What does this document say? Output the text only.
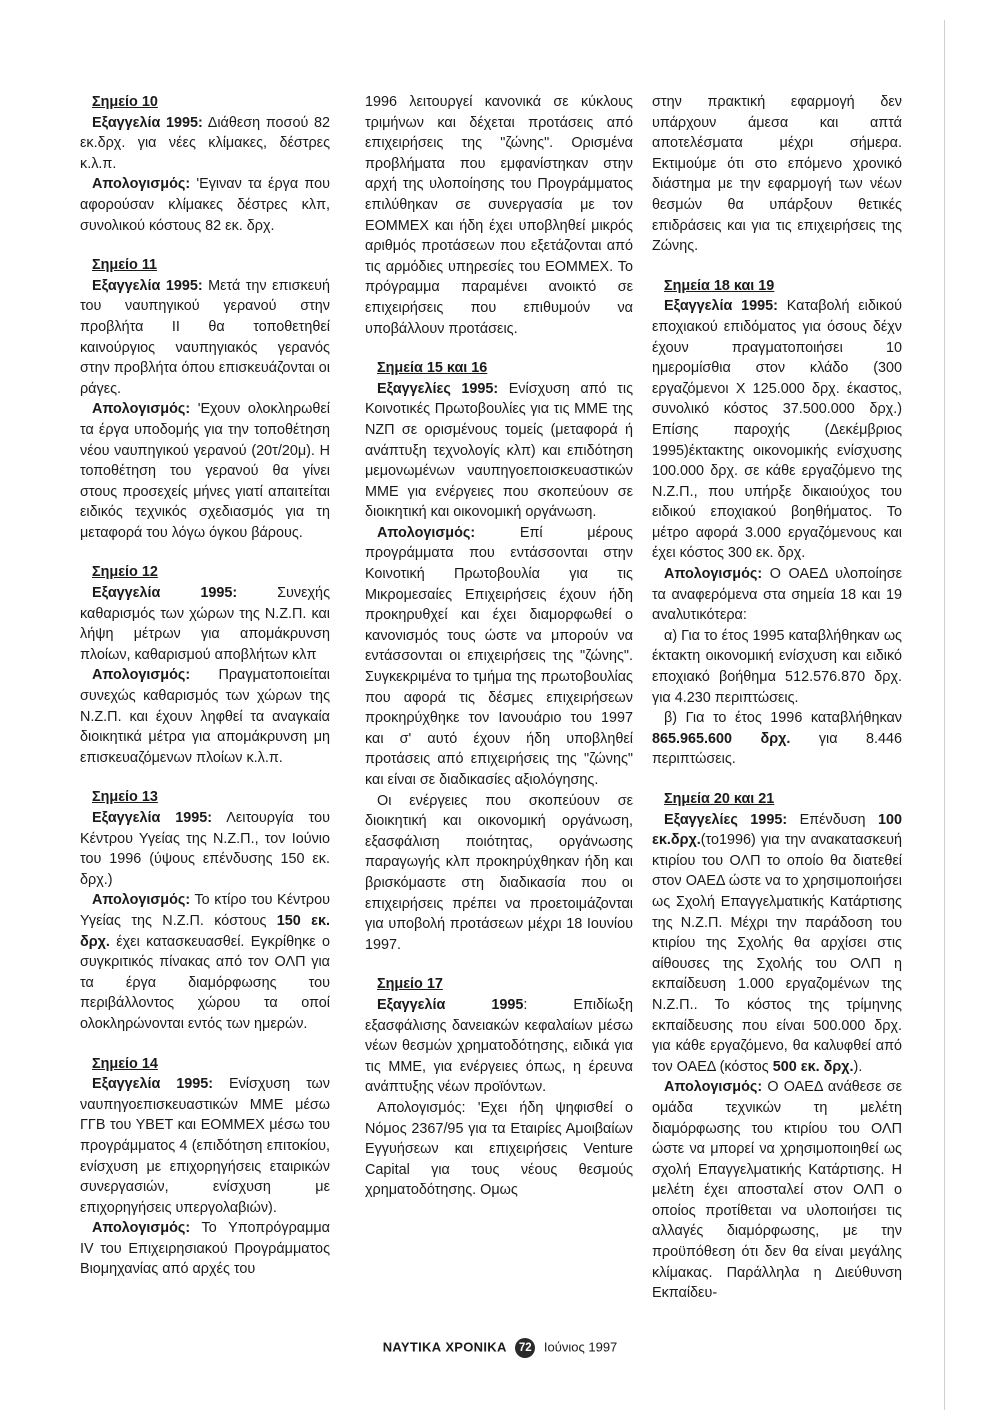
Σημείο 10

Εξαγγελία 1995: Διάθεση ποσού 82 εκ.δρχ. για νέες κλίμακες, δέστρες κ.λ.π.

Απολογισμός: 'Εγιναν τα έργα που αφορούσαν κλίμακες δέστρες κλπ, συνολικού κόστους 82 εκ. δρχ.

Σημείο 11

Εξαγγελία 1995: Μετά την επισκευή του ναυπηγικού γερανού στην προβλήτα ΙΙ θα τοποθετηθεί καινούργιος ναυπηγιακός γερανός στην προβλήτα όπου επισκευάζονται οι ράγες.

Απολογισμός: 'Εχουν ολοκληρωθεί τα έργα υποδομής για την τοποθέτηση νέου ναυπηγικού γερανού (20τ/20μ). Η τοποθέτηση του γερανού θα γίνει στους προσεχείς μήνες γιατί απαιτείται ειδικός τεχνικός σχεδιασμός για τη μεταφορά του λόγω όγκου βάρους.

Σημείο 12

Εξαγγελία 1995: Συνεχής καθαρισμός των χώρων της Ν.Ζ.Π. και λήψη μέτρων για απομάκρυνση πλοίων, καθαρισμού αποβλήτων κλπ

Απολογισμός: Πραγματοποιείται συνεχώς καθαρισμός των χώρων της Ν.Ζ.Π. και έχουν ληφθεί τα αναγκαία διοικητικά μέτρα για απομάκρυνση μη επισκευαζόμενων πλοίων κ.λ.π.

Σημείο 13

Εξαγγελία 1995: Λειτουργία του Κέντρου Υγείας της Ν.Ζ.Π., τον Ιούνιο του 1996 (ύψους επένδυσης 150 εκ. δρχ.)

Απολογισμός: Το κτίρο του Κέντρου Υγείας της Ν.Ζ.Π. κόστους 150 εκ. δρχ. έχει κατασκευασθεί. Εγκρίθηκε ο συγκριτικός πίνακας από τον ΟΛΠ για τα έργα διαμόρφωσης του περιβάλλοντος χώρου τα οποί ολοκληρώνονται εντός των ημερών.

Σημείο 14

Εξαγγελία 1995: Ενίσχυση των ναυπηγοεπισκευαστικών ΜΜΕ μέσω ΓΓΒ του ΥΒΕΤ και ΕΟΜΜΕΧ μέσω του προγράμματος 4 (επιδότηση επιτοκίου, ενίσχυση με επιχορηγήσεις εταιρικών συνεργασιών, ενίσχυση με επιχορηγήσεις υπεργολαβιών).

Απολογισμός: Το Υποπρόγραμμα IV του Επιχειρησιακού Προγράμματος Βιομηχανίας από αρχές του

1996 λειτουργεί κανονικά σε κύκλους τριμήνων και δέχεται προτάσεις από επιχειρήσεις της "ζώνης". Ορισμένα προβλήματα που εμφανίστηκαν στην αρχή της υλοποίησης του Προγράμματος επιλύθηκαν σε συνεργασία με τον ΕΟΜΜΕΧ και ήδη έχει υποβληθεί μικρός αριθμός προτάσεων που εξετάζονται από τις αρμόδιες υπηρεσίες του ΕΟΜΜΕΧ. Το πρόγραμμα παραμένει ανοικτό σε επιχειρήσεις που επιθυμούν να υποβάλλουν προτάσεις.

Σημεία 15 και 16

Εξαγγελίες 1995: Ενίσχυση από τις Κοινοτικές Πρωτοβουλίες για τις ΜΜΕ της ΝΖΠ σε ορισμένους τομείς (μεταφορά ή ανάπτυξη τεχνολογίς κλπ) και επιδότηση μεμονωμένων ναυπηγοεποισκευαστικών ΜΜΕ για ενέργειες που σκοπεύουν σε διοικητική και οικονομική οργάνωση.

Απολογισμός: Επί μέρους προγράμματα που εντάσσονται στην Κοινοτική Πρωτοβουλία για τις Μικρομεσαίες Επιχειρήσεις έχουν ήδη προκηρυθχεί και έχει διαμορφωθεί ο κανονισμός τους ώστε να μπορούν να εντάσσονται οι επιχειρήσεις της "ζώνης". Συγκεκριμένα το τμήμα της πρωτοβουλίας που αφορά τις δέσμες επιχειρήσεων προκηρύχθηκε τον Ιανουάριο του 1997 και σ' αυτό έχουν ήδη υποβληθεί προτάσεις από επιχειρήσεις της "ζώνης" και είναι σε διαδικασίες αξιολόγησης.

Οι ενέργειες που σκοπεύουν σε διοικητική και οικονομική οργάνωση, εξασφάλιση ποιότητας, οργάνωσης παραγωγής κλπ προκηρύχθηκαν ήδη και βρισκόμαστε στη διαδικασία που οι επιχειρήσεις πρέπει να προετοιμάζονται για υποβολή προτάσεων μέχρι 18 Ιουνίου 1997.

Σημείο 17

Εξαγγελία 1995: Επιδίωξη εξασφάλισης δανειακών κεφαλαίων μέσω νέων θεσμών χρηματοδότησης, ειδικά για τις ΜΜΕ, για ενέργειες όπως, η έρευνα ανάπτυξης νέων προϊόντων.

Απολογισμός: 'Εχει ήδη ψηφισθεί ο Νόμος 2367/95 για τα Εταιρίες Αμοιβαίων Εγγυήσεων και επιχειρήσεις Venture Capital για τους νέους θεσμούς χρηματοδότησης. Ομως

στην πρακτική εφαρμογή δεν υπάρχουν άμεσα και απτά αποτελέσματα μέχρι σήμερα. Εκτιμούμε ότι στο επόμενο χρονικό διάστημα με την εφαρμογή των νέων θεσμών θα υπάρξουν θετικές επιδράσεις και για τις επιχειρήσεις της Ζώνης.

Σημεία 18 και 19

Εξαγγελία 1995: Καταβολή ειδικού εποχιακού επιδόματος για όσους δέχν έχουν πραγματοποιήσει 10 ημερομίσθια στον κλάδο (300 εργαζόμενοι Χ 125.000 δρχ. έκαστος, συνολικό κόστος 37.500.000 δρχ.) Επίσης παροχής (Δεκέμβριος 1995)έκτακτης οικονομικής ενίσχυσης 100.000 δρχ. σε κάθε εργαζόμενο της Ν.Ζ.Π., που υπήρξε δικαιούχος του ειδικού εποχιακού βοηθήματος. Το μέτρο αφορά 3.000 εργαζόμενους και έχει κόστος 300 εκ. δρχ.

Απολογισμός: Ο ΟΑΕΔ υλοποίησε τα αναφερόμενα στα σημεία 18 και 19 αναλυτικότερα:

α) Για το έτος 1995 καταβλήθηκαν ως έκτακτη οικονομική ενίσχυση και ειδικό εποχιακό βοήθημα 512.576.870 δρχ. για 4.230 περιπτώσεις.

β) Για το έτος 1996 καταβλήθηκαν 865.965.600 δρχ. για 8.446 περιπτώσεις.

Σημεία 20 και 21

Εξαγγελίες 1995: Επένδυση 100 εκ.δρχ.(το1996) για την ανακατασκευή κτιρίου του ΟΛΠ το οποίο θα διατεθεί στον ΟΑΕΔ ώστε να το χρησιμοποιήσει ως Σχολή Επαγγελματικής Κατάρτισης της Ν.Ζ.Π. Μέχρι την παράδοση του κτιρίου της Σχολής θα αρχίσει στις αίθουσες της Σχολής του ΟΛΠ η εκπαίδευση 1.000 εργαζομένων της Ν.Ζ.Π.. Το κόστος της τρίμηνης εκπαίδευσης που είναι 500.000 δρχ. για κάθε εργαζόμενο, θα καλυφθεί από τον ΟΑΕΔ (κόστος 500 εκ. δρχ.).

Απολογισμός: Ο ΟΑΕΔ ανάθεσε σε ομάδα τεχνικών τη μελέτη διαμόρφωσης του κτιρίου του ΟΛΠ ώστε να μπορεί να χρησιμοποιηθεί ως σχολή Επαγγελματικής Κατάρτισης. Η μελέτη έχει αποσταλεί στον ΟΛΠ ο οποίος προτίθεται να υλοποιήσει τις αλλαγές διαμόρφωσης, με την προϋπόθεση ότι δεν θα είναι μεγάλης κλίμακας. Παράλληλα η Διεύθυνση Εκπαίδευ-

ΝΑΥΤΙΚΑ ΧΡΟΝΙΚΑ 72 Ιούνιος 1997
